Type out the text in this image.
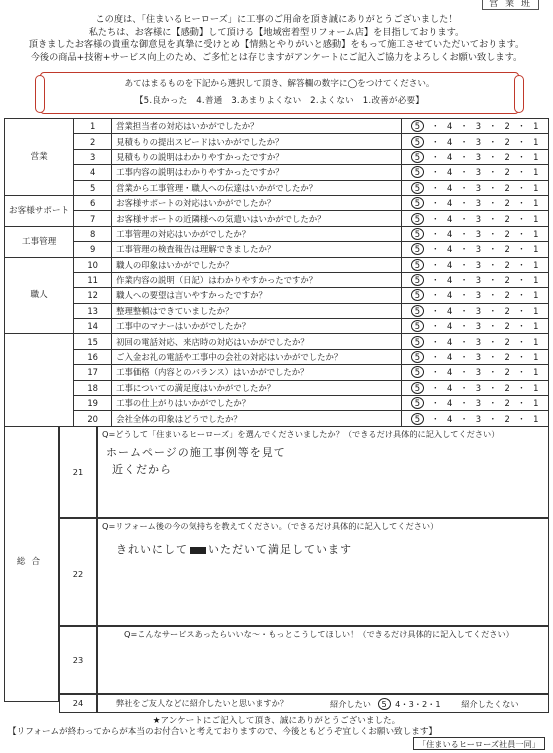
営 業 班
この度は、「住まいるヒーローズ」に工事のご用命を頂き誠にありがとうございました！
私たちは、お客様に【感動】して頂ける【地域密着型リフォーム店】を目指しております。
頂きましたお客様の貴重な御意見を真摯に受けとめ【情熱とやりがいと感動】をもって施工させていただいております。
今後の商品+技術+サービス向上のため、ご多忙とは存じますがアンケートにご記入ご協力をよろしくお願い致します。
あてはまるものを下記から選択して頂き、解答欄の数字に◯をつけてください。
【5.良かった　4.普通　3.あまりよくない　2.よくない　1.改善が必要】
営業	1	営業担当者の対応はいかがでしたか？	5 ・ 4 ・ 3 ・ 2 ・ 1
	2	見積もりの提出スピードはいかがでしたか？	5 ・ 4 ・ 3 ・ 2 ・ 1
	3	見積もりの説明はわかりやすかったですか？	5 ・ 4 ・ 3 ・ 2 ・ 1
	4	工事内容の説明はわかりやすかったですか？	5 ・ 4 ・ 3 ・ 2 ・ 1
	5	営業から工事管理・職人への伝達はいかがでしたか？	5 ・ 4 ・ 3 ・ 2 ・ 1
お客様サポート	6	お客様サポートの対応はいかがでしたか？	5 ・ 4 ・ 3 ・ 2 ・ 1
	7	お客様サポートの近隣様への気遣いはいかがでしたか？	5 ・ 4 ・ 3 ・ 2 ・ 1
工事管理	8	工事管理の対応はいかがでしたか？	5 ・ 4 ・ 3 ・ 2 ・ 1
	9	工事管理の検査報告は理解できましたか？	5 ・ 4 ・ 3 ・ 2 ・ 1
職人	10	職人の印象はいかがでしたか？	5 ・ 4 ・ 3 ・ 2 ・ 1
	11	作業内容の説明（日記）はわかりやすかったですか？	5 ・ 4 ・ 3 ・ 2 ・ 1
	12	職人への要望は言いやすかったですか？	5 ・ 4 ・ 3 ・ 2 ・ 1
	13	整理整頓はできていましたか？	5 ・ 4 ・ 3 ・ 2 ・ 1
	14	工事中のマナーはいかがでしたか？	5 ・ 4 ・ 3 ・ 2 ・ 1
	15	初回の電話対応、来店時の対応はいかがでしたか？	5 ・ 4 ・ 3 ・ 2 ・ 1
	16	ご入金お礼の電話や工事中の会社の対応はいかがでしたか？	5 ・ 4 ・ 3 ・ 2 ・ 1
	17	工事価格（内容とのバランス）はいかがでしたか？	5 ・ 4 ・ 3 ・ 2 ・ 1
	18	工事についての満足度はいかがでしたか？	5 ・ 4 ・ 3 ・ 2 ・ 1
	19	工事の仕上がりはいかがでしたか？	5 ・ 4 ・ 3 ・ 2 ・ 1
	20	会社全体の印象はどうでしたか？	5 ・ 4 ・ 3 ・ 2 ・ 1
総合
21
Q=どうして「住まいるヒーローズ」を選んでくださいましたか？（できるだけ具体的に記入してください）
ホームページの施工事例等を見て
近くだから
22
Q=リフォーム後の今の気持ちを教えてください。（できるだけ具体的に記入してください）
きれいにして いただいて満足しています
23
Q=こんなサービスあったらいいな〜・もっとこうしてほしい！（できるだけ具体的に記入してください）
24	弊社をご友人などに紹介したいと思いますか？	紹介したい 5 4・3・2・1	紹介したくない
★アンケートにご記入して頂き、誠にありがとうございました。
【リフォームが終わってからが本当のお付合いと考えておりますので、今後ともどうぞ宜しくお願い致します】
「住まいるヒーローズ社員一同」
